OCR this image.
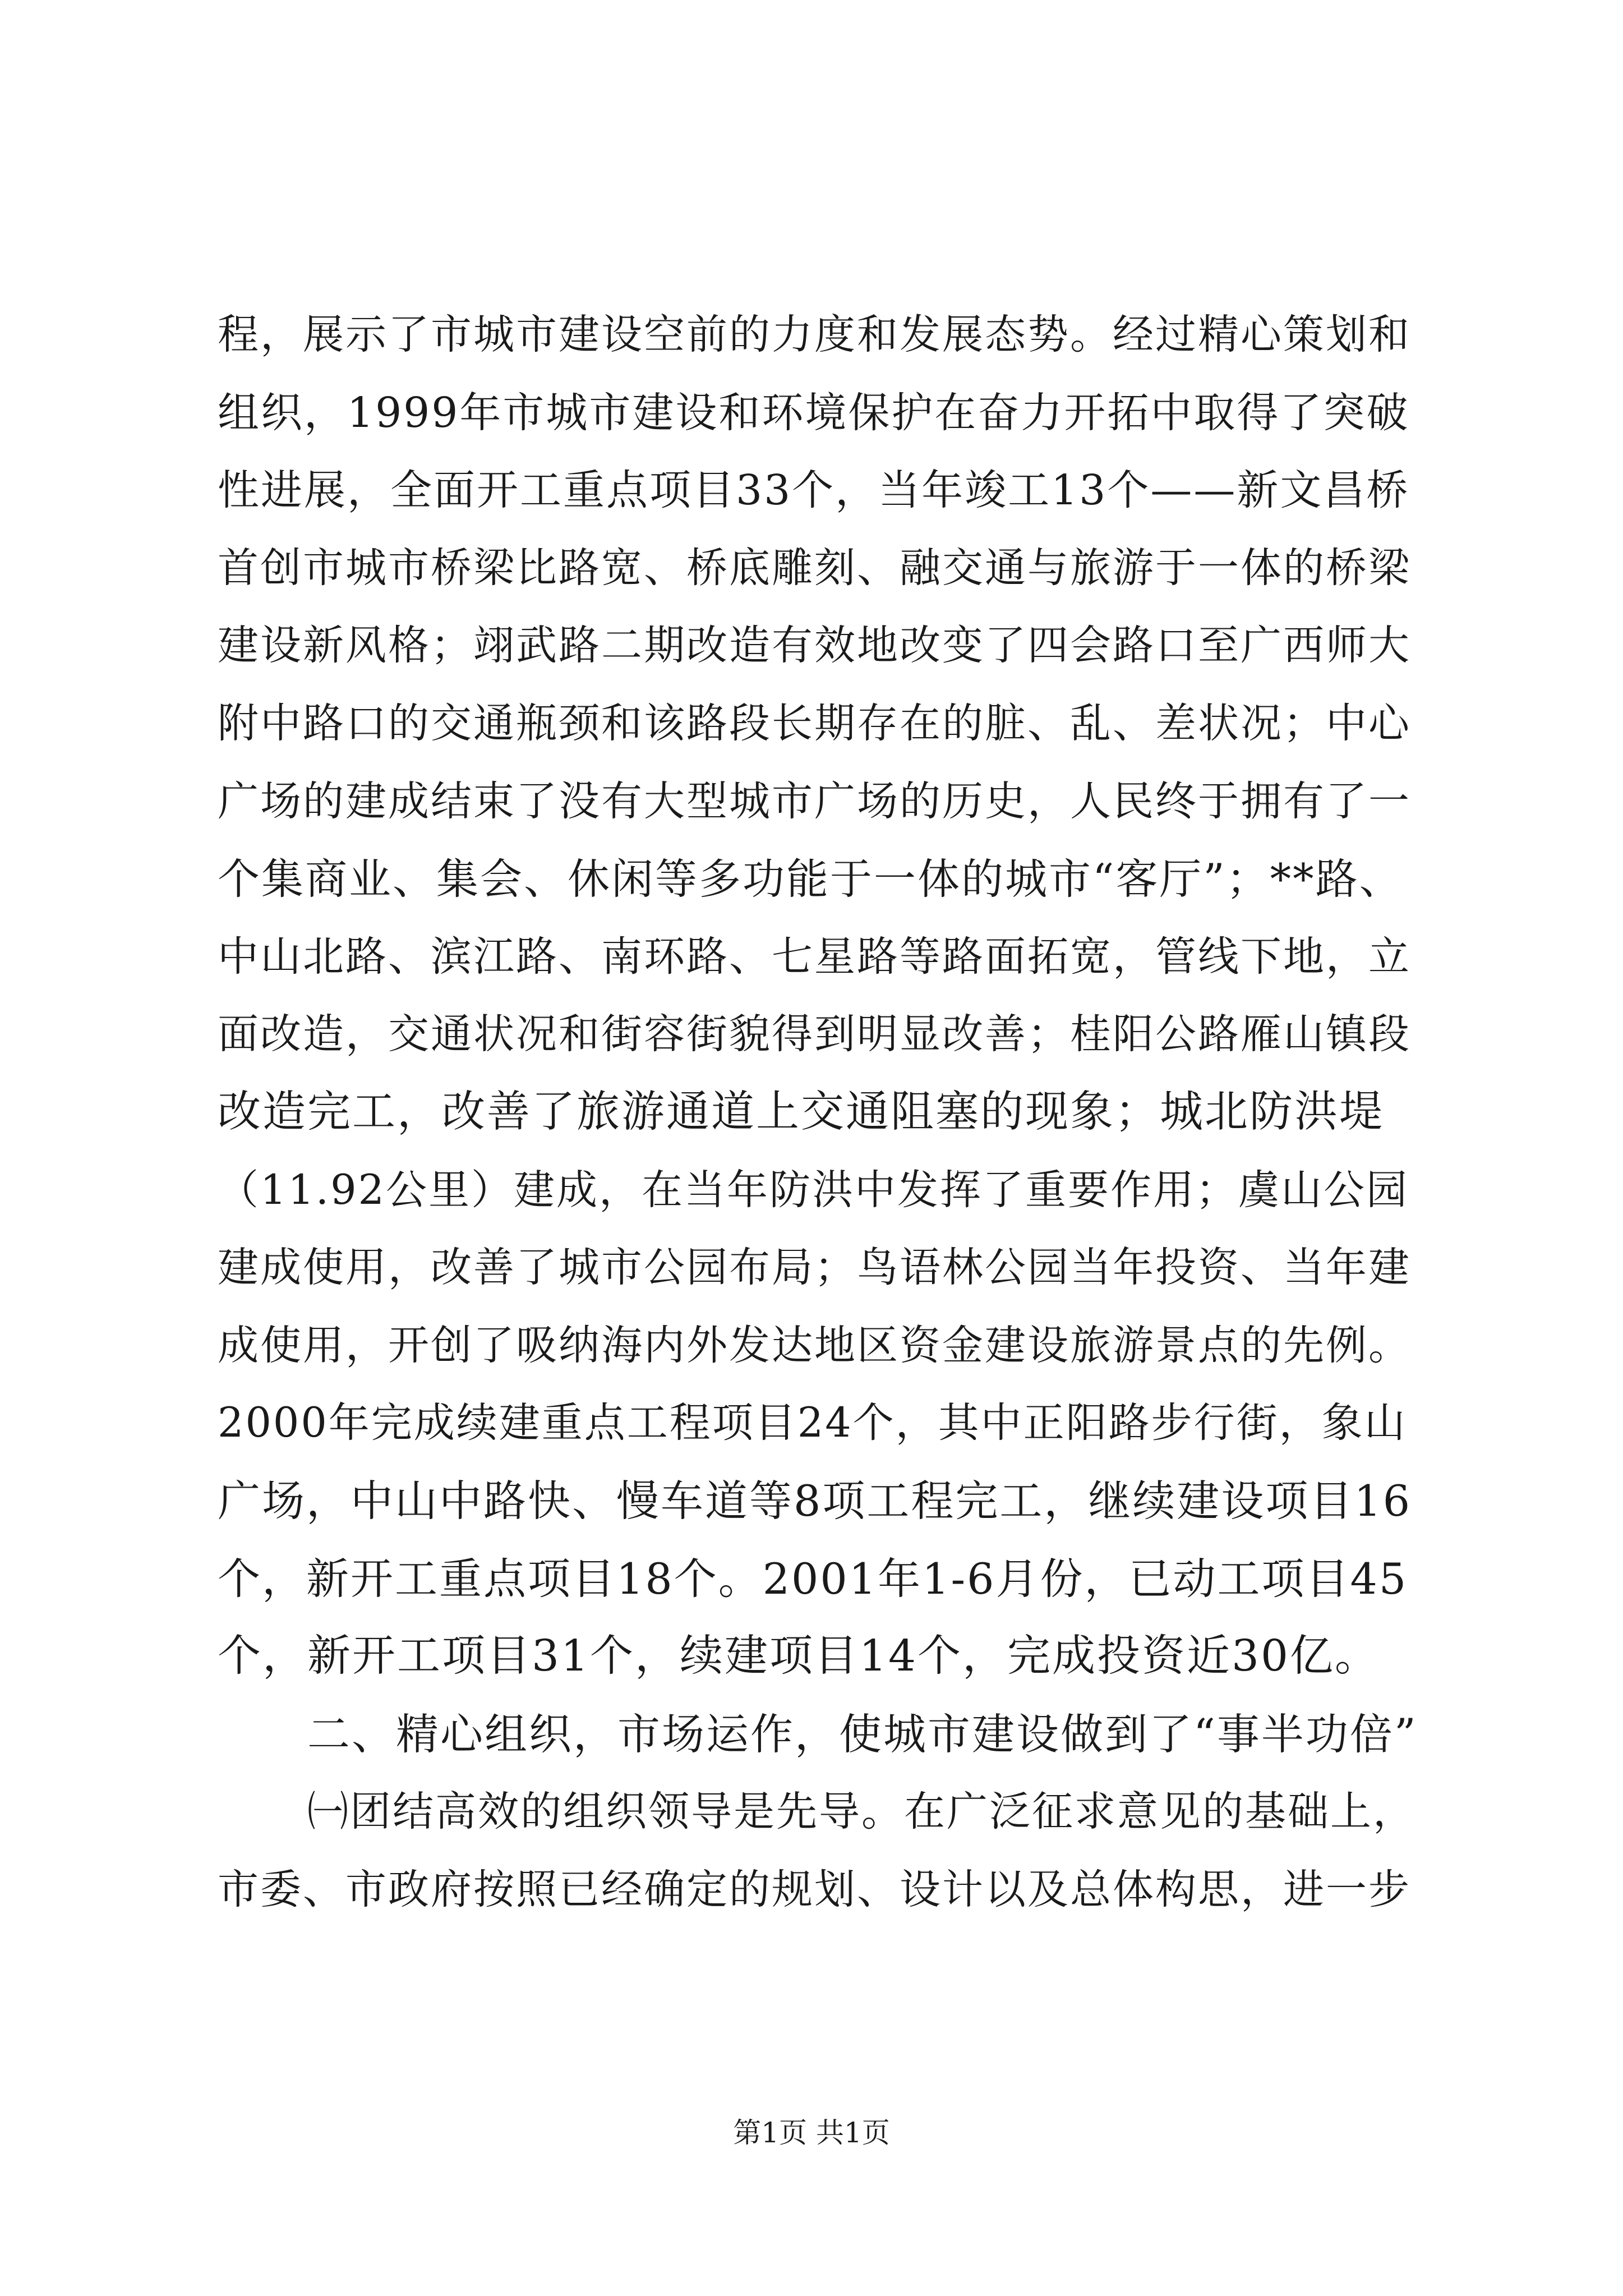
程，展示了市城市建设空前的力度和发展态势。经过精心策划和
组织，1999年市城市建设和环境保护在奋力开拓中取得了突破
性进展，全面开工重点项目33个，当年竣工13个——新文昌桥
首创市城市桥梁比路宽、桥底雕刻、融交通与旅游于一体的桥梁
建设新风格；翊武路二期改造有效地改变了四会路口至广西师大
附中路口的交通瓶颈和该路段长期存在的脏、乱、差状况；中心
广场的建成结束了没有大型城市广场的历史，人民终于拥有了一
个集商业、集会、休闲等多功能于一体的城市“客厅”；**路、
中山北路、滨江路、南环路、七星路等路面拓宽，管线下地，立
面改造，交通状况和街容街貌得到明显改善；桂阳公路雁山镇段
改造完工，改善了旅游通道上交通阻塞的现象；城北防洪堤
（11.92公里）建成，在当年防洪中发挥了重要作用；虞山公园
建成使用，改善了城市公园布局；鸟语林公园当年投资、当年建
成使用，开创了吸纳海内外发达地区资金建设旅游景点的先例。
2000年完成续建重点工程项目24个，其中正阳路步行街，象山
广场，中山中路快、慢车道等8项工程完工，继续建设项目16
个，新开工重点项目18个。2001年1-6月份，已动工项目45
个，新开工项目31个，续建项目14个，完成投资近30亿。
二、精心组织，市场运作，使城市建设做到了“事半功倍”
㈠团结高效的组织领导是先导。在广泛征求意见的基础上，
市委、市政府按照已经确定的规划、设计以及总体构思，进一步
第1页 共1页
